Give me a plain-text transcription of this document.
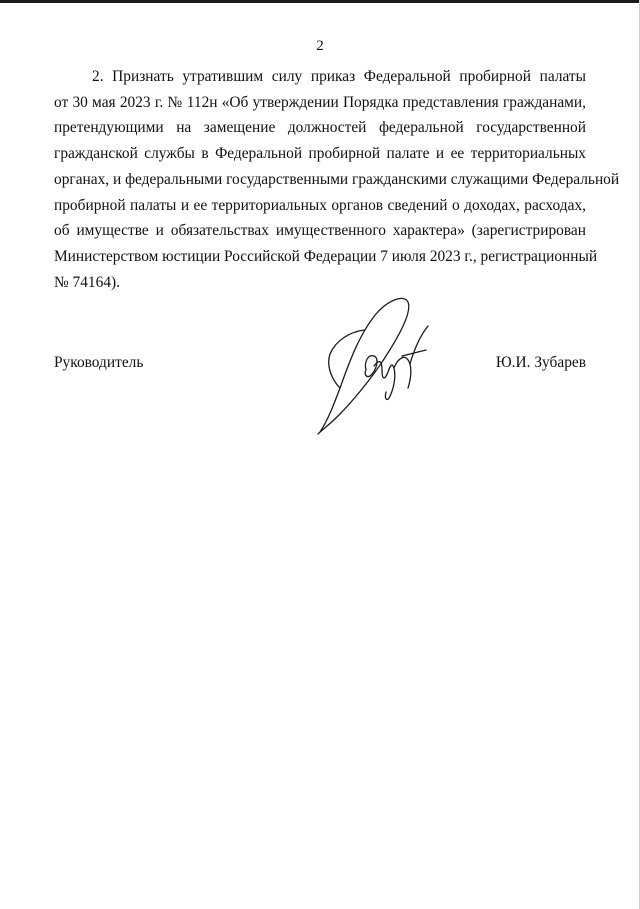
2
2. Признать утратившим силу приказ Федеральной пробирной палаты
от 30 мая 2023 г. № 112н «Об утверждении Порядка представления гражданами,
претендующими на замещение должностей федеральной государственной
гражданской службы в Федеральной пробирной палате и ее территориальных
органах, и федеральными государственными гражданскими служащими Федеральной
пробирной палаты и ее территориальных органов сведений о доходах, расходах,
об имуществе и обязательствах имущественного характера» (зарегистрирован
Министерством юстиции Российской Федерации 7 июля 2023 г., регистрационный
№ 74164).
Руководитель	Ю.И. Зубарев
